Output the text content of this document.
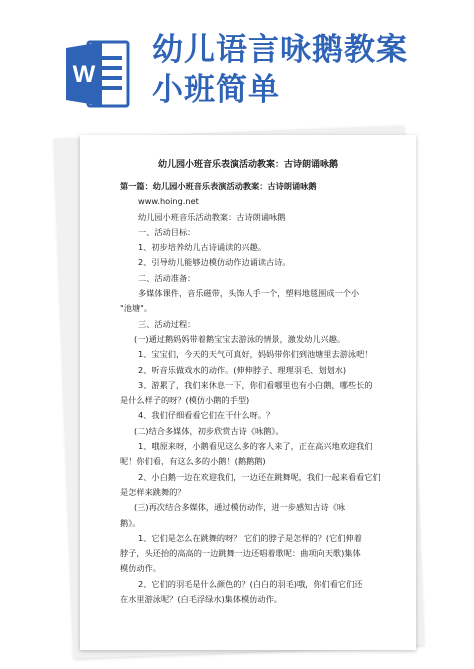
W
幼儿语言咏鹅教案
小班简单
幼儿园小班音乐表演活动教案：古诗朗诵咏鹅
第一篇：幼儿园小班音乐表演活动教案：古诗朗诵咏鹅
www.hoing.net
幼儿园小班音乐活动教案：古诗朗诵咏鹅
一、活动目标：
1、初步培养幼儿古诗诵读的兴趣。
2、引导幼儿能够边模仿动作边诵读古诗。
二、活动准备：
多媒体课件，音乐磁带，头饰人手一个，塑料地毯围成一个小
"池塘"。
三、活动过程：
(一)通过鹅妈妈带着鹅宝宝去游泳的情景，激发幼儿兴趣。
1、宝宝们，今天的天气可真好，妈妈带你们到池塘里去游泳吧！
2、听音乐做戏水的动作。(伸伸脖子、理理羽毛、划划水)
3、游累了，我们来休息一下，你们看哪里也有小白鹅，哪些长的
是什么样子的呀？(模仿小鹅的手型)
4、我们仔细看看它们在干什么呀。？
(二)结合多媒体，初步欣赏古诗《咏鹅》。
1、哦原来呀，小鹅看见这么多的客人来了，正在高兴地欢迎我们
呢！你们看，有这么多的小鹅！(鹅鹅鹅)
2、小白鹅一边在欢迎我们，一边还在跳舞呢，我们一起来看看它们
是怎样来跳舞的？
(三)再次结合多媒体，通过模仿动作，进一步感知古诗《咏
鹅》。
1、它们是怎么在跳舞的呀？ 它们的脖子是怎样的？(它们伸着
脖子，头还抬的高高的一边跳舞一边还唱着歌呢：曲项向天歌)集体
模仿动作。
2、它们的羽毛是什么颜色的？(白白的羽毛)哦，你们看它们还
在水里游泳呢？(白毛浮绿水)集体模仿动作。
